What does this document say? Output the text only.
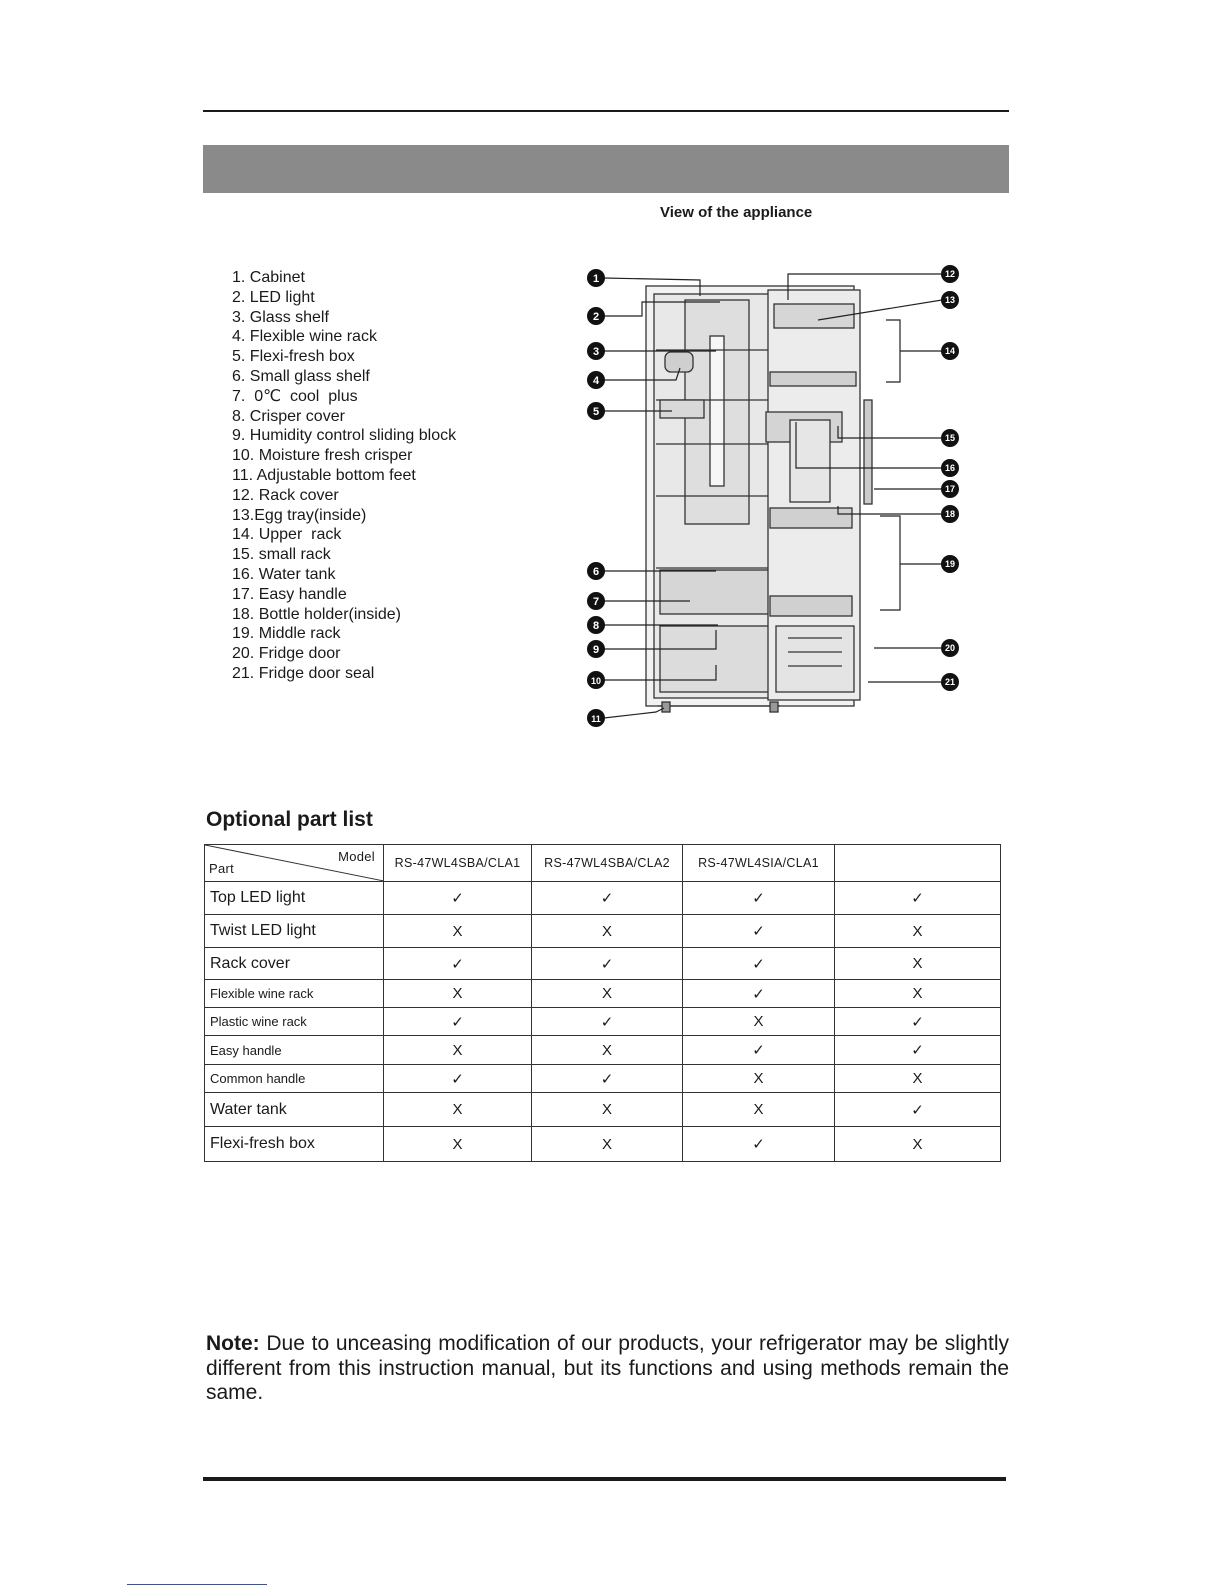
View of the appliance
1. Cabinet
2. LED light
3. Glass shelf
4. Flexible wine rack
5. Flexi-fresh box
6. Small glass shelf
7.  0℃  cool  plus
8. Crisper cover
9. Humidity control sliding block
10. Moisture fresh crisper
11. Adjustable bottom feet
12. Rack cover
13.Egg tray(inside)
14. Upper  rack
15. small rack
16. Water tank
17. Easy handle
18. Bottle holder(inside)
19. Middle rack
20. Fridge door
21. Fridge door seal
1
2
3
4
5
6
7
8
9
10
11
12
13
14
15
16
17
18
19
20
21
Optional part list
Model
Part	RS-47WL4SBA/CLA1	RS-47WL4SBA/CLA2	RS-47WL4SIA/CLA1	
Top LED light	✓	✓	✓	✓
Twist LED light	X	X	✓	X
Rack cover	✓	✓	✓	X
Flexible wine rack	X	X	✓	X
Plastic wine rack	✓	✓	X	✓
Easy handle	X	X	✓	✓
Common handle	✓	✓	X	X
Water tank	X	X	X	✓
Flexi-fresh box	X	X	✓	X
Note: Due to unceasing modification of our products, your refrigerator may be slightly different from this instruction manual, but its functions and using methods remain the same.
